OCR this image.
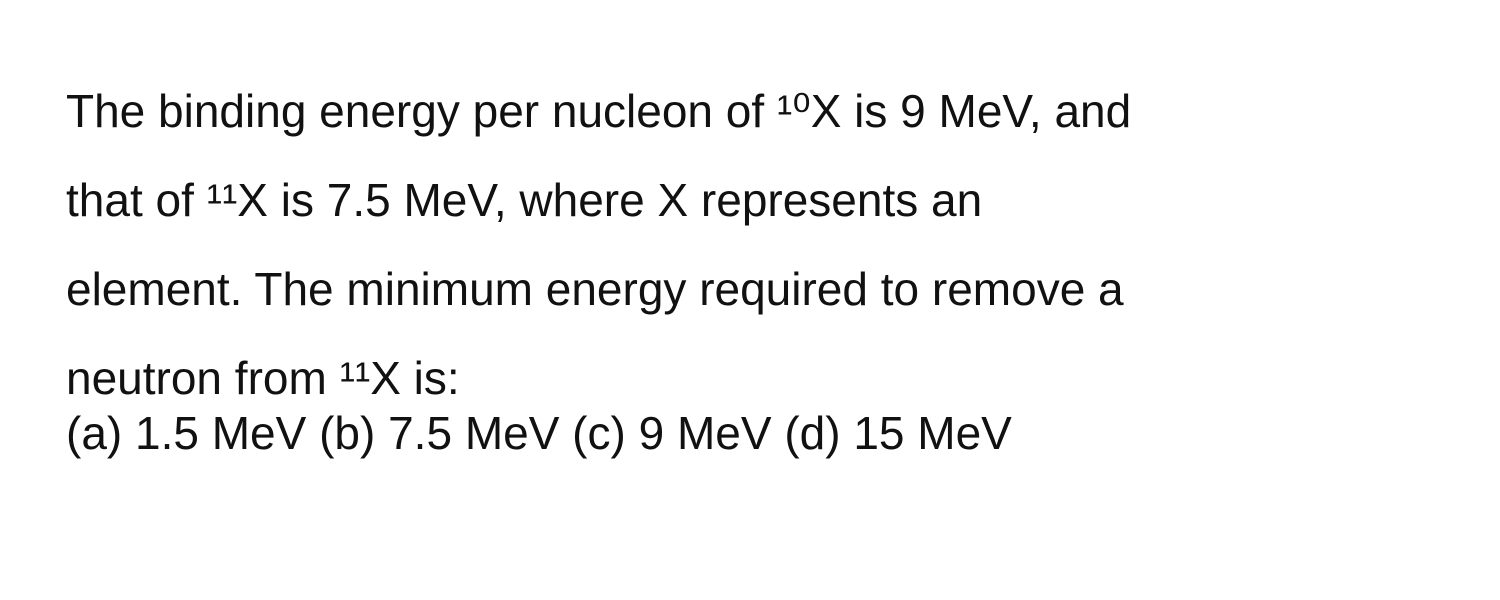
The binding energy per nucleon of ¹⁰X is 9 MeV, and
that of ¹¹X is 7.5 MeV, where X represents an
element. The minimum energy required to remove a
neutron from ¹¹X is:
(a) 1.5 MeV (b) 7.5 MeV (c) 9 MeV (d) 15 MeV
